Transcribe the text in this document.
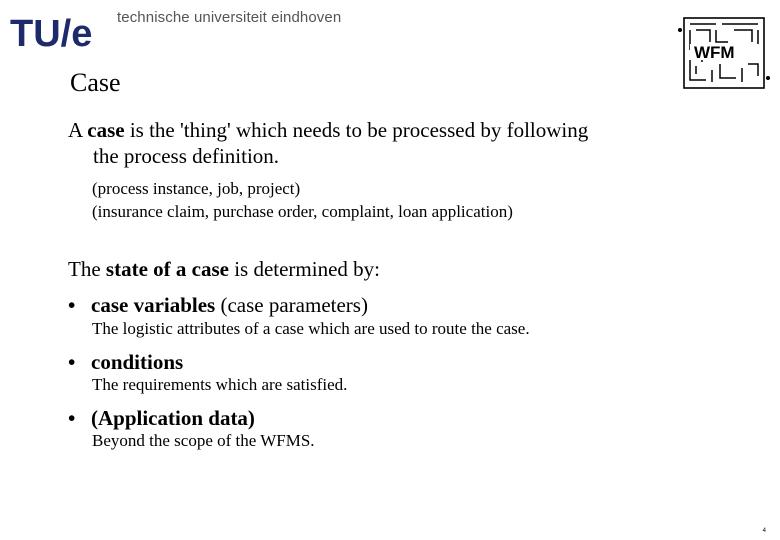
TU/e technische universiteit eindhoven
WFM
Case
A case is the 'thing' which needs to be processed by following
the process definition.
(process instance, job, project)
(insurance claim, purchase order, complaint, loan application)
The state of a case is determined by:
• case variables (case parameters)
The logistic attributes of a case which are used to route the case.
• conditions
The requirements which are satisfied.
• (Application data)
Beyond the scope of the WFMS.
4
